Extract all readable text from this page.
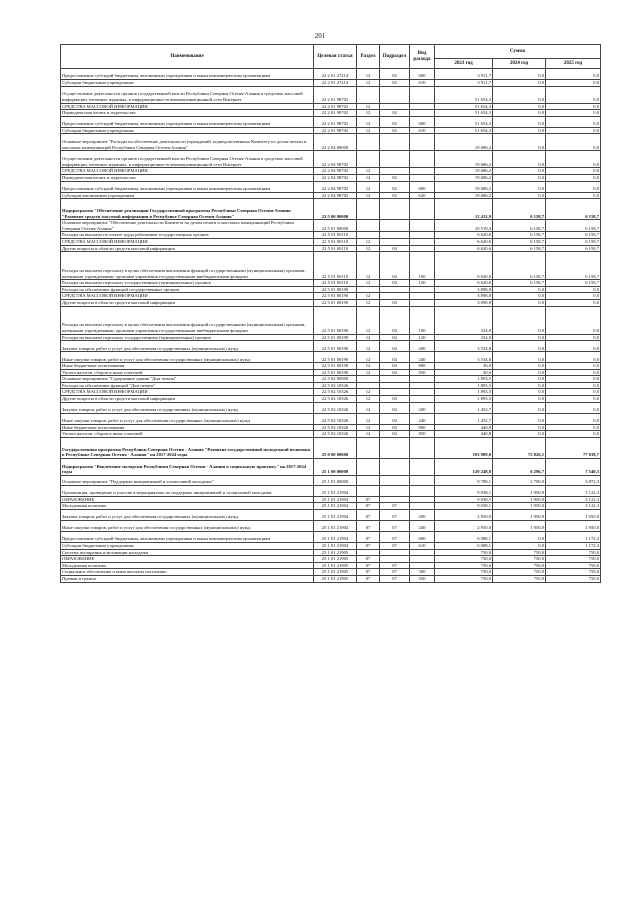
201
Наименование	Целевая статья	Раздел	Подраздел	Вид расхода	Сумма		
					2023 год	2024 год	2025 год
Предоставление субсидий бюджетным, автономным учреждениям и иным некоммерческим организациям	22 2 01 27214	12	02	600	3 911,7	0,0	0,0
Субсидии бюджетным учреждениям	22 2 01 27214	12	02	610	3 911,7	0,0	0,0
Осуществление деятельности органов государственной власти Республики Северная Осетия-Алания в средствах массовой информации, печатных изданиях, в информационно-телекоммуникационной сети Интернет	22 2 01 98702				51 654,3	0,0	0,0
СРЕДСТВА МАССОВОЙ ИНФОРМАЦИИ	22 2 01 98702	12			51 654,3	0,0	0,0
Периодическая печать и издательства	22 2 01 98702	12	02		51 654,3	0,0	0,0
Предоставление субсидий бюджетным, автономным учреждениям и иным некоммерческим организациям	22 2 01 98702	12	02	600	51 654,3	0,0	0,0
Субсидии бюджетным учреждениям	22 2 01 98702	12	02	610	51 654,3	0,0	0,0
Основное мероприятие "Расходы на обеспечение деятельности учреждений, подведомственных Комитету по делам печати и массовых коммуникаций Республики Северная Осетия-Алания"	22 2 04 00000				19 686,2	0,0	0,0
Осуществление деятельности органов государственной власти Республики Северная Осетия-Алания в средствах массовой информации, печатных изданиях, в информационно-телекоммуникационной сети Интернет	22 2 04 98702				19 686,2	0,0	0,0
СРЕДСТВА МАССОВОЙ ИНФОРМАЦИИ	22 2 04 98702	12			19 686,2	0,0	0,0
Периодическая печать и издательства	22 2 04 98702	12	02		19 686,2	0,0	0,0
Предоставление субсидий бюджетным, автономным учреждениям и иным некоммерческим организациям	22 2 04 98702	12	02	600	19 686,2	0,0	0,0
Субсидии автономным учреждениям	22 2 04 98702	12	02	620	19 686,2	0,0	0,0
Подпрограмма "Обеспечение реализации Государственной программы Республики Северная Осетия-Алания "Развитие средств массовой информации в Республике Северная Осетия-Алания"	22 5 00 00000				12 412,9	6 158,7	6 158,7
Основное мероприятие "Обеспечение деятельности Комитета по делам печати и массовых коммуникаций Республики Северная Осетия-Алания"	22 5 01 00000				10 519,4	6 158,7	6 158,7
Расходы на выплаты по оплате труда работников государственных органов	22 5 01 00110				6 620,6	6 158,7	6 158,7
СРЕДСТВА МАССОВОЙ ИНФОРМАЦИИ	22 5 01 00110	12			6 620,6	6 158,7	6 158,7
Другие вопросы в области средств массовой информации	22 5 01 00110	12	04		6 620,6	6 158,7	6 158,7
Расходы на выплаты персоналу в целях обеспечения выполнения функций государственными (муниципальными) органами, казенными учреждениями, органами управления государственными внебюджетными фондами	22 5 01 00110	12	04	100	6 620,6	6 158,7	6 158,7
Расходы на выплаты персоналу государственных (муниципальных) органов	22 5 01 00110	12	04	120	6 620,6	6 158,7	6 158,7
Расходы на обеспечение функций государственных органов	22 5 01 00190				3 898,8	0,0	0,0
СРЕДСТВА МАССОВОЙ ИНФОРМАЦИИ	22 5 01 00190	12			3 898,8	0,0	0,0
Другие вопросы в области средств массовой информации	22 5 01 00190	12	04		3 898,8	0,0	0,0
Расходы на выплаты персоналу в целях обеспечения выполнения функций государственными (муниципальными) органами, казенными учреждениями, органами управления государственными внебюджетными фондами	22 5 01 00190	12	04	100	334,0	0,0	0,0
Расходы на выплаты персоналу государственных (муниципальных) органов	22 5 01 00190	12	04	120	334,0	0,0	0,0
Закупка товаров, работ и услуг для обеспечения государственных (муниципальных) нужд	22 5 01 00190	12	04	200	3 534,8	0,0	0,0
Иные закупки товаров, работ и услуг для обеспечения государственных (муниципальных) нужд	22 5 01 00190	12	04	240	3 534,8	0,0	0,0
Иные бюджетные ассигнования	22 5 01 00190	12	04	800	30,0	0,0	0,0
Уплата налогов, сборов и иных платежей	22 5 01 00190	12	04	850	30,0	0,0	0,0
Основное мероприятие "Содержание здания "Дом печати"	22 5 02 00000				1 893,5	0,0	0,0
Расходы на обеспечение функций "Дом печати"	22 5 02 10326				1 893,5	0,0	0,0
СРЕДСТВА МАССОВОЙ ИНФОРМАЦИИ	22 5 02 10326	12			1 893,5	0,0	0,0
Другие вопросы в области средств массовой информации	22 5 02 10326	12	04		1 893,5	0,0	0,0
Закупка товаров, работ и услуг для обеспечения государственных (муниципальных) нужд	22 5 02 10326	12	04	200	1 452,7	0,0	0,0
Иные закупки товаров, работ и услуг для обеспечения государственных (муниципальных) нужд	22 5 02 10326	12	04	240	1 452,7	0,0	0,0
Иные бюджетные ассигнования	22 5 02 10326	12	04	800	440,8	0,0	0,0
Уплата налогов, сборов и иных платежей	22 5 02 10326	12	04	850	440,8	0,0	0,0
Государственная программа Республики Северная Осетия - Алания "Развитие государственной молодежной политики в Республике Северная Осетия - Алания" на 2017-2024 годы	25 0 00 00000				193 909,0	75 826,1	77 019,7
Подпрограмма "Вовлечение молодежи Республики Северная Осетия - Алания в социальную практику" на 2017-2024 годы	25 1 00 00000				120 248,8	6 296,7	7 540,3
Основное мероприятие "Поддержка инициативной и талантливой молодежи"	25 1 01 00000				9 788,1	2 700,0	3 872,3
Организация, проведение и участие в мероприятиях по поддержке инициативной и талантливой молодежи	25 1 01 21904				9 038,1	1 950,0	3 122,3
ОБРАЗОВАНИЕ	25 1 01 21904	07			9 038,1	1 950,0	3 122,3
Молодежная политика	25 1 01 21904	07	07		9 038,1	1 950,0	3 122,3
Закупка товаров, работ и услуг для обеспечения государственных (муниципальных) нужд	25 1 01 21904	07	07	200	2 950,0	1 950,0	1 950,0
Иные закупки товаров, работ и услуг для обеспечения государственных (муниципальных) нужд	25 1 01 21904	07	07	240	2 950,0	1 950,0	1 950,0
Предоставление субсидий бюджетным, автономным учреждениям и иным некоммерческим организациям	25 1 01 21904	07	07	600	6 088,1	0,0	1 172,3
Субсидии бюджетным учреждениям	25 1 01 21904	07	07	610	6 088,1	0,0	1 172,3
Система поощрения и мотивации молодежи	25 1 01 21905				750,0	750,0	750,0
ОБРАЗОВАНИЕ	25 1 01 21905	07			750,0	750,0	750,0
Молодежная политика	25 1 01 21905	07	07		750,0	750,0	750,0
Социальное обеспечение и иные выплаты населению	25 1 01 21905	07	07	300	750,0	750,0	750,0
Премии и гранты	25 1 01 21905	07	07	350	750,0	750,0	750,0
